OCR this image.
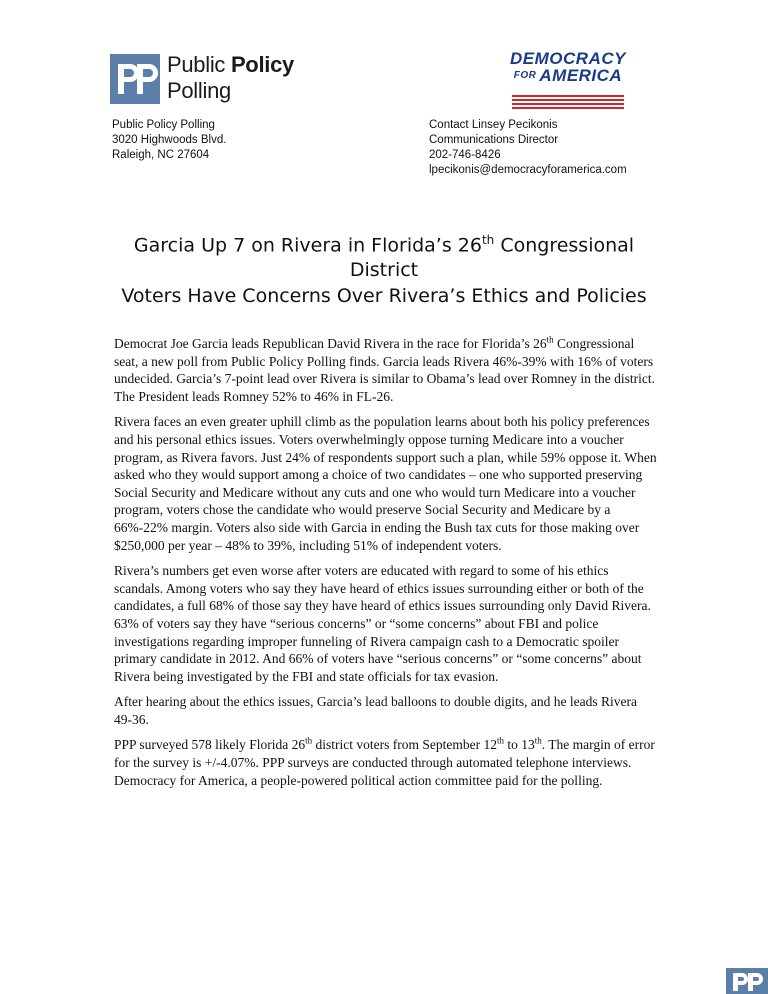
Public Policy
Polling
DEMOCRACY
FOR AMERICA
Public Policy Polling
3020 Highwoods Blvd.
Raleigh, NC 27604
Contact Linsey Pecikonis
Communications Director
202-746-8426
lpecikonis@democracyforamerica.com
Garcia Up 7 on Rivera in Florida’s 26th Congressional District
Voters Have Concerns Over Rivera’s Ethics and Policies

Democrat Joe Garcia leads Republican David Rivera in the race for Florida’s 26th Congressional seat, a new poll from Public Policy Polling finds. Garcia leads Rivera 46%-39% with 16% of voters undecided. Garcia’s 7-point lead over Rivera is similar to Obama’s lead over Romney in the district. The President leads Romney 52% to 46% in FL-26.

Rivera faces an even greater uphill climb as the population learns about both his policy preferences and his personal ethics issues. Voters overwhelmingly oppose turning Medicare into a voucher program, as Rivera favors. Just 24% of respondents support such a plan, while 59% oppose it. When asked who they would support among a choice of two candidates – one who supported preserving Social Security and Medicare without any cuts and one who would turn Medicare into a voucher program, voters chose the candidate who would preserve Social Security and Medicare by a 66%-22% margin. Voters also side with Garcia in ending the Bush tax cuts for those making over $250,000 per year – 48% to 39%, including 51% of independent voters.

Rivera’s numbers get even worse after voters are educated with regard to some of his ethics scandals. Among voters who say they have heard of ethics issues surrounding either or both of the candidates, a full 68% of those say they have heard of ethics issues surrounding only David Rivera. 63% of voters say they have “serious concerns” or “some concerns” about FBI and police investigations regarding improper funneling of Rivera campaign cash to a Democratic spoiler primary candidate in 2012. And 66% of voters have “serious concerns” or “some concerns” about Rivera being investigated by the FBI and state officials for tax evasion.

After hearing about the ethics issues, Garcia’s lead balloons to double digits, and he leads Rivera 49-36.

PPP surveyed 578 likely Florida 26th district voters from September 12th to 13th. The margin of error for the survey is +/-4.07%. PPP surveys are conducted through automated telephone interviews. Democracy for America, a people-powered political action committee paid for the polling.
